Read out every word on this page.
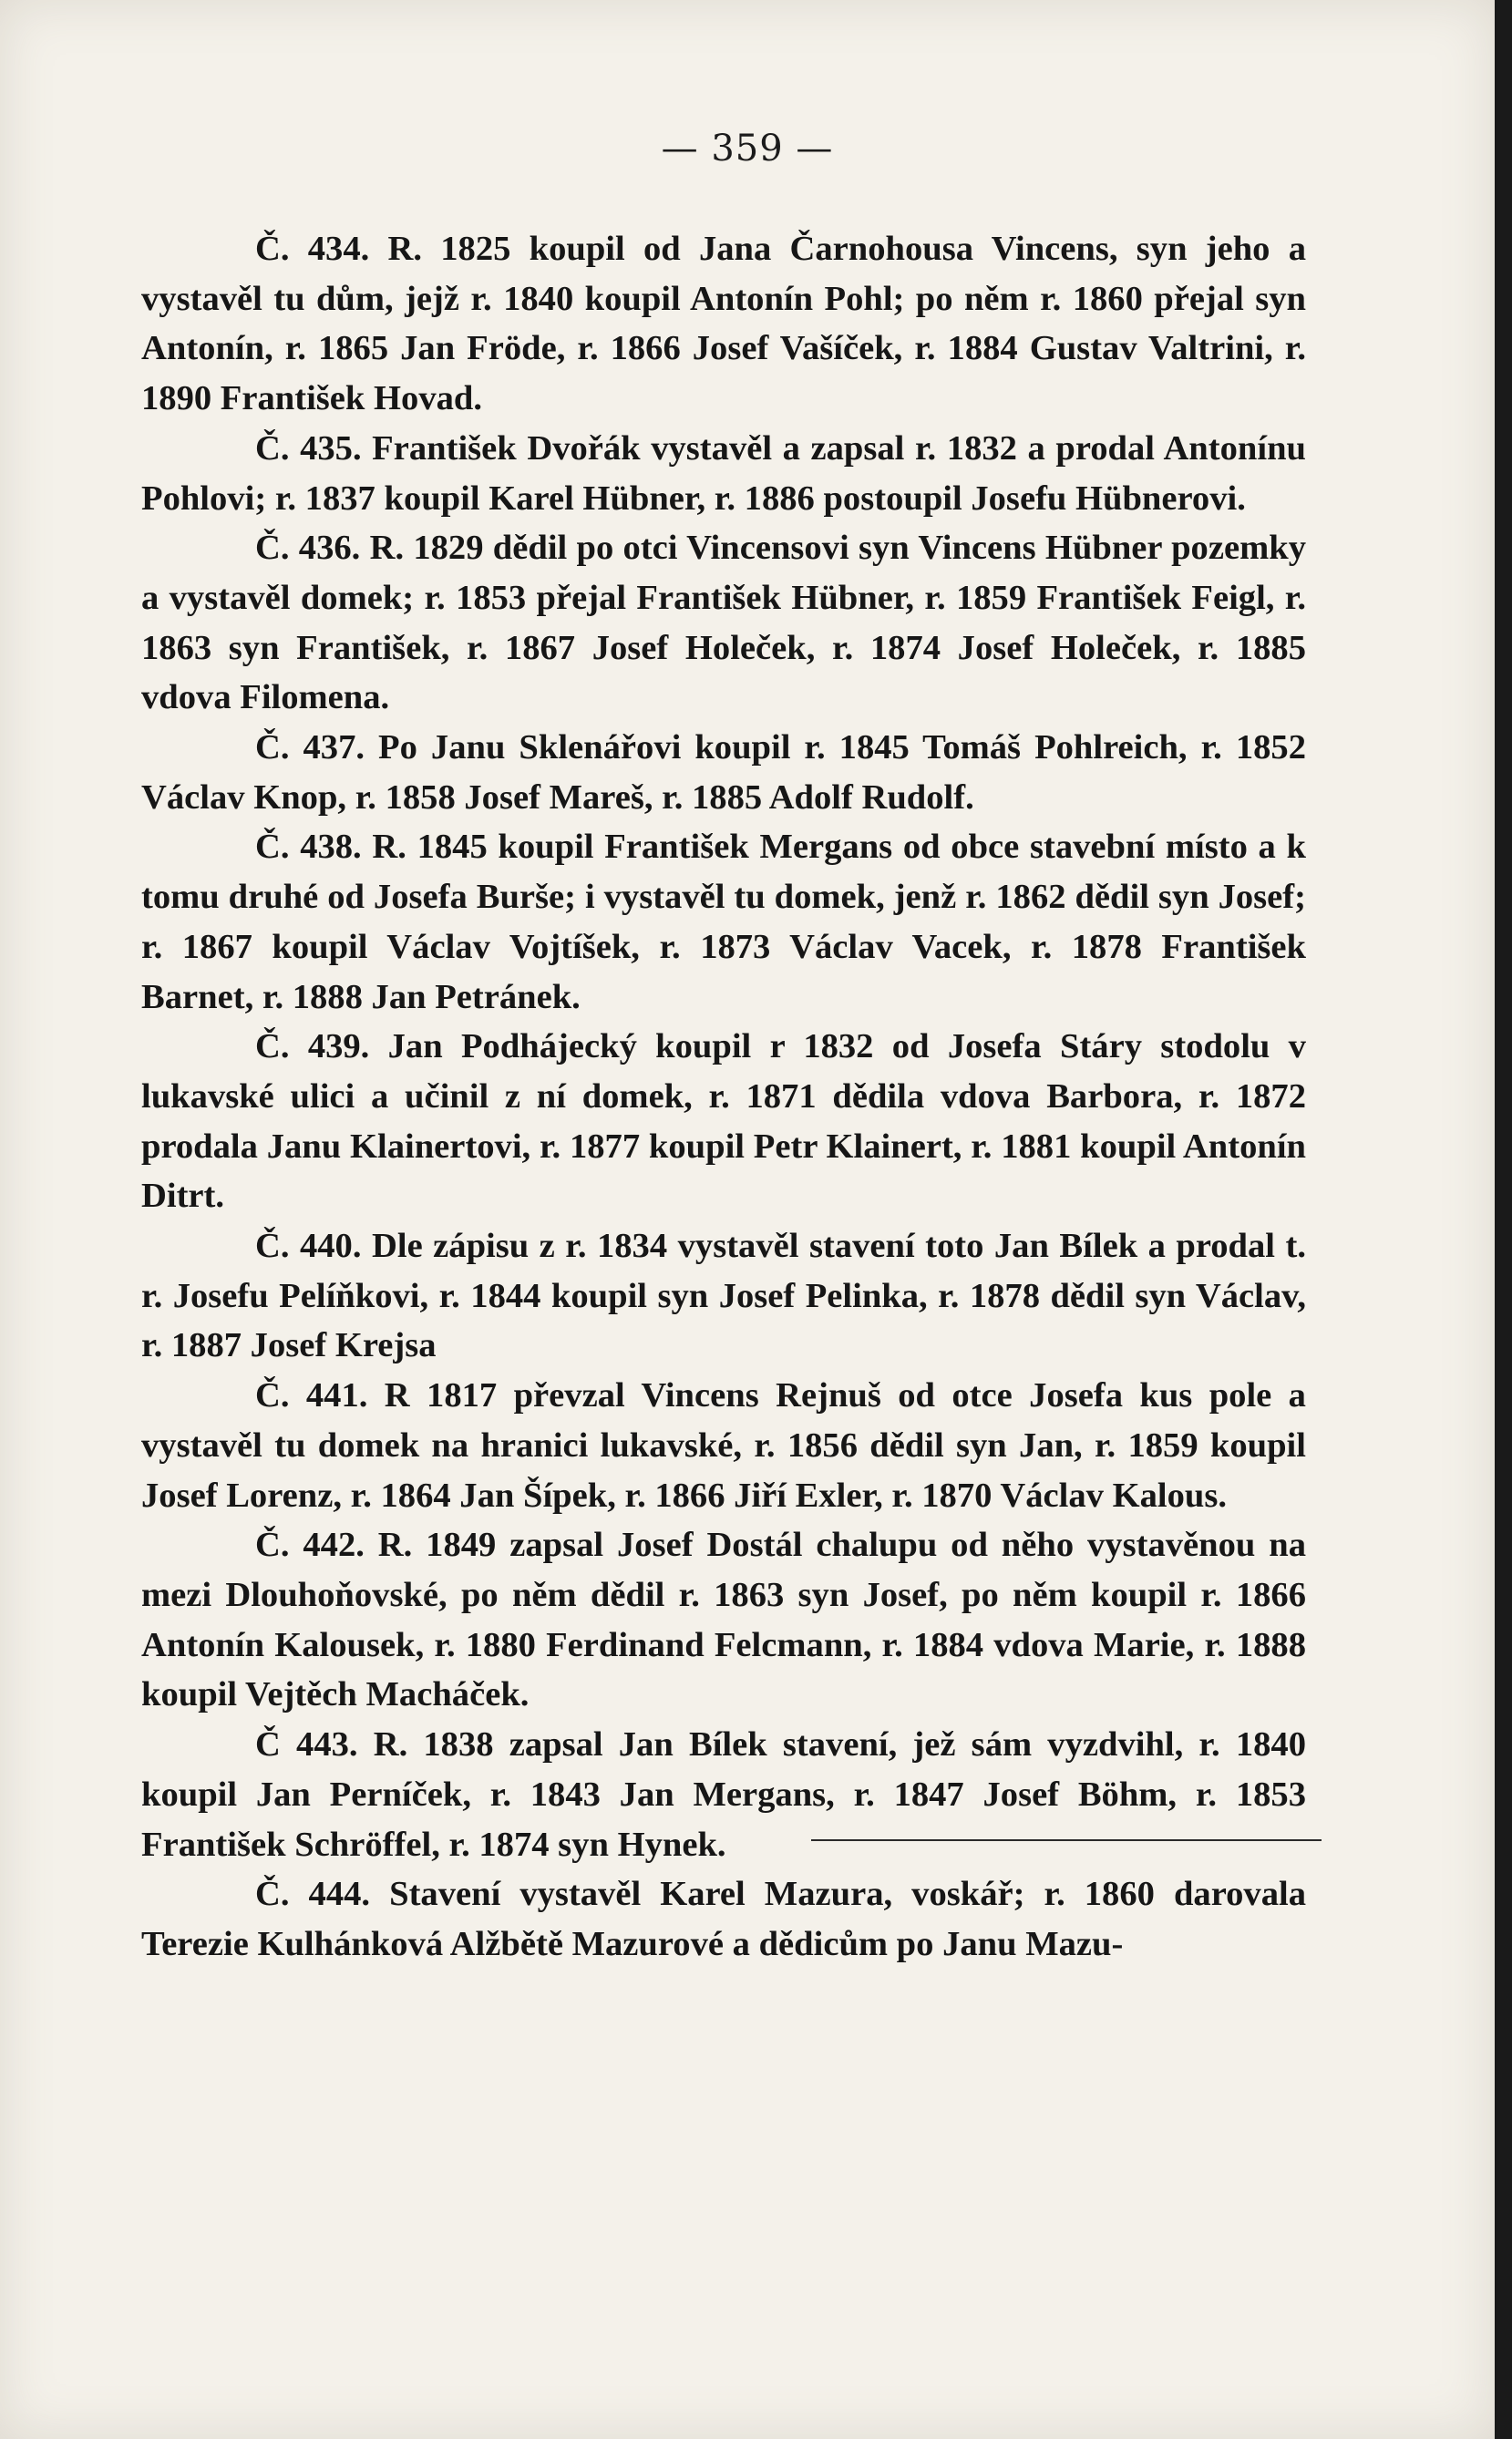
— 359 —

Č. 434. R. 1825 koupil od Jana Čarnohousa Vincens, syn jeho a vystavěl tu dům, jejž r. 1840 koupil Antonín Pohl; po něm r. 1860 přejal syn Antonín, r. 1865 Jan Fröde, r. 1866 Josef Vašíček, r. 1884 Gustav Valtrini, r. 1890 František Hovad.

Č. 435. František Dvořák vystavěl a zapsal r. 1832 a prodal Antonínu Pohlovi; r. 1837 koupil Karel Hübner, r. 1886 postoupil Josefu Hübnerovi.

Č. 436. R. 1829 dědil po otci Vincensovi syn Vincens Hübner pozemky a vystavěl domek; r. 1853 přejal František Hübner, r. 1859 František Feigl, r. 1863 syn František, r. 1867 Josef Holeček, r. 1874 Josef Holeček, r. 1885 vdova Filomena.

Č. 437. Po Janu Sklenářovi koupil r. 1845 Tomáš Pohlreich, r. 1852 Václav Knop, r. 1858 Josef Mareš, r. 1885 Adolf Rudolf.

Č. 438. R. 1845 koupil František Mergans od obce stavební místo a k tomu druhé od Josefa Burše; i vystavěl tu domek, jenž r. 1862 dědil syn Josef; r. 1867 koupil Václav Vojtíšek, r. 1873 Václav Vacek, r. 1878 František Barnet, r. 1888 Jan Petránek.

Č. 439. Jan Podhájecký koupil r 1832 od Josefa Stáry stodolu v lukavské ulici a učinil z ní domek, r. 1871 dědila vdova Barbora, r. 1872 prodala Janu Klainertovi, r. 1877 koupil Petr Klainert, r. 1881 koupil Antonín Ditrt.

Č. 440. Dle zápisu z r. 1834 vystavěl stavení toto Jan Bílek a prodal t. r. Josefu Pelíňkovi, r. 1844 koupil syn Josef Pelinka, r. 1878 dědil syn Václav, r. 1887 Josef Krejsa

Č. 441. R 1817 převzal Vincens Rejnuš od otce Josefa kus pole a vystavěl tu domek na hranici lukavské, r. 1856 dědil syn Jan, r. 1859 koupil Josef Lorenz, r. 1864 Jan Šípek, r. 1866 Jiří Exler, r. 1870 Václav Kalous.

Č. 442. R. 1849 zapsal Josef Dostál chalupu od něho vystavěnou na mezi Dlouhoňovské, po něm dědil r. 1863 syn Josef, po něm koupil r. 1866 Antonín Kalousek, r. 1880 Ferdinand Felcmann, r. 1884 vdova Marie, r. 1888 koupil Vejtěch Macháček.

Č 443. R. 1838 zapsal Jan Bílek stavení, jež sám vyzdvihl, r. 1840 koupil Jan Perníček, r. 1843 Jan Mergans, r. 1847 Josef Böhm, r. 1853 František Schröffel, r. 1874 syn Hynek.

Č. 444. Stavení vystavěl Karel Mazura, voskář; r. 1860 darovala Terezie Kulhánková Alžbětě Mazurové a dědicům po Janu Mazu-
